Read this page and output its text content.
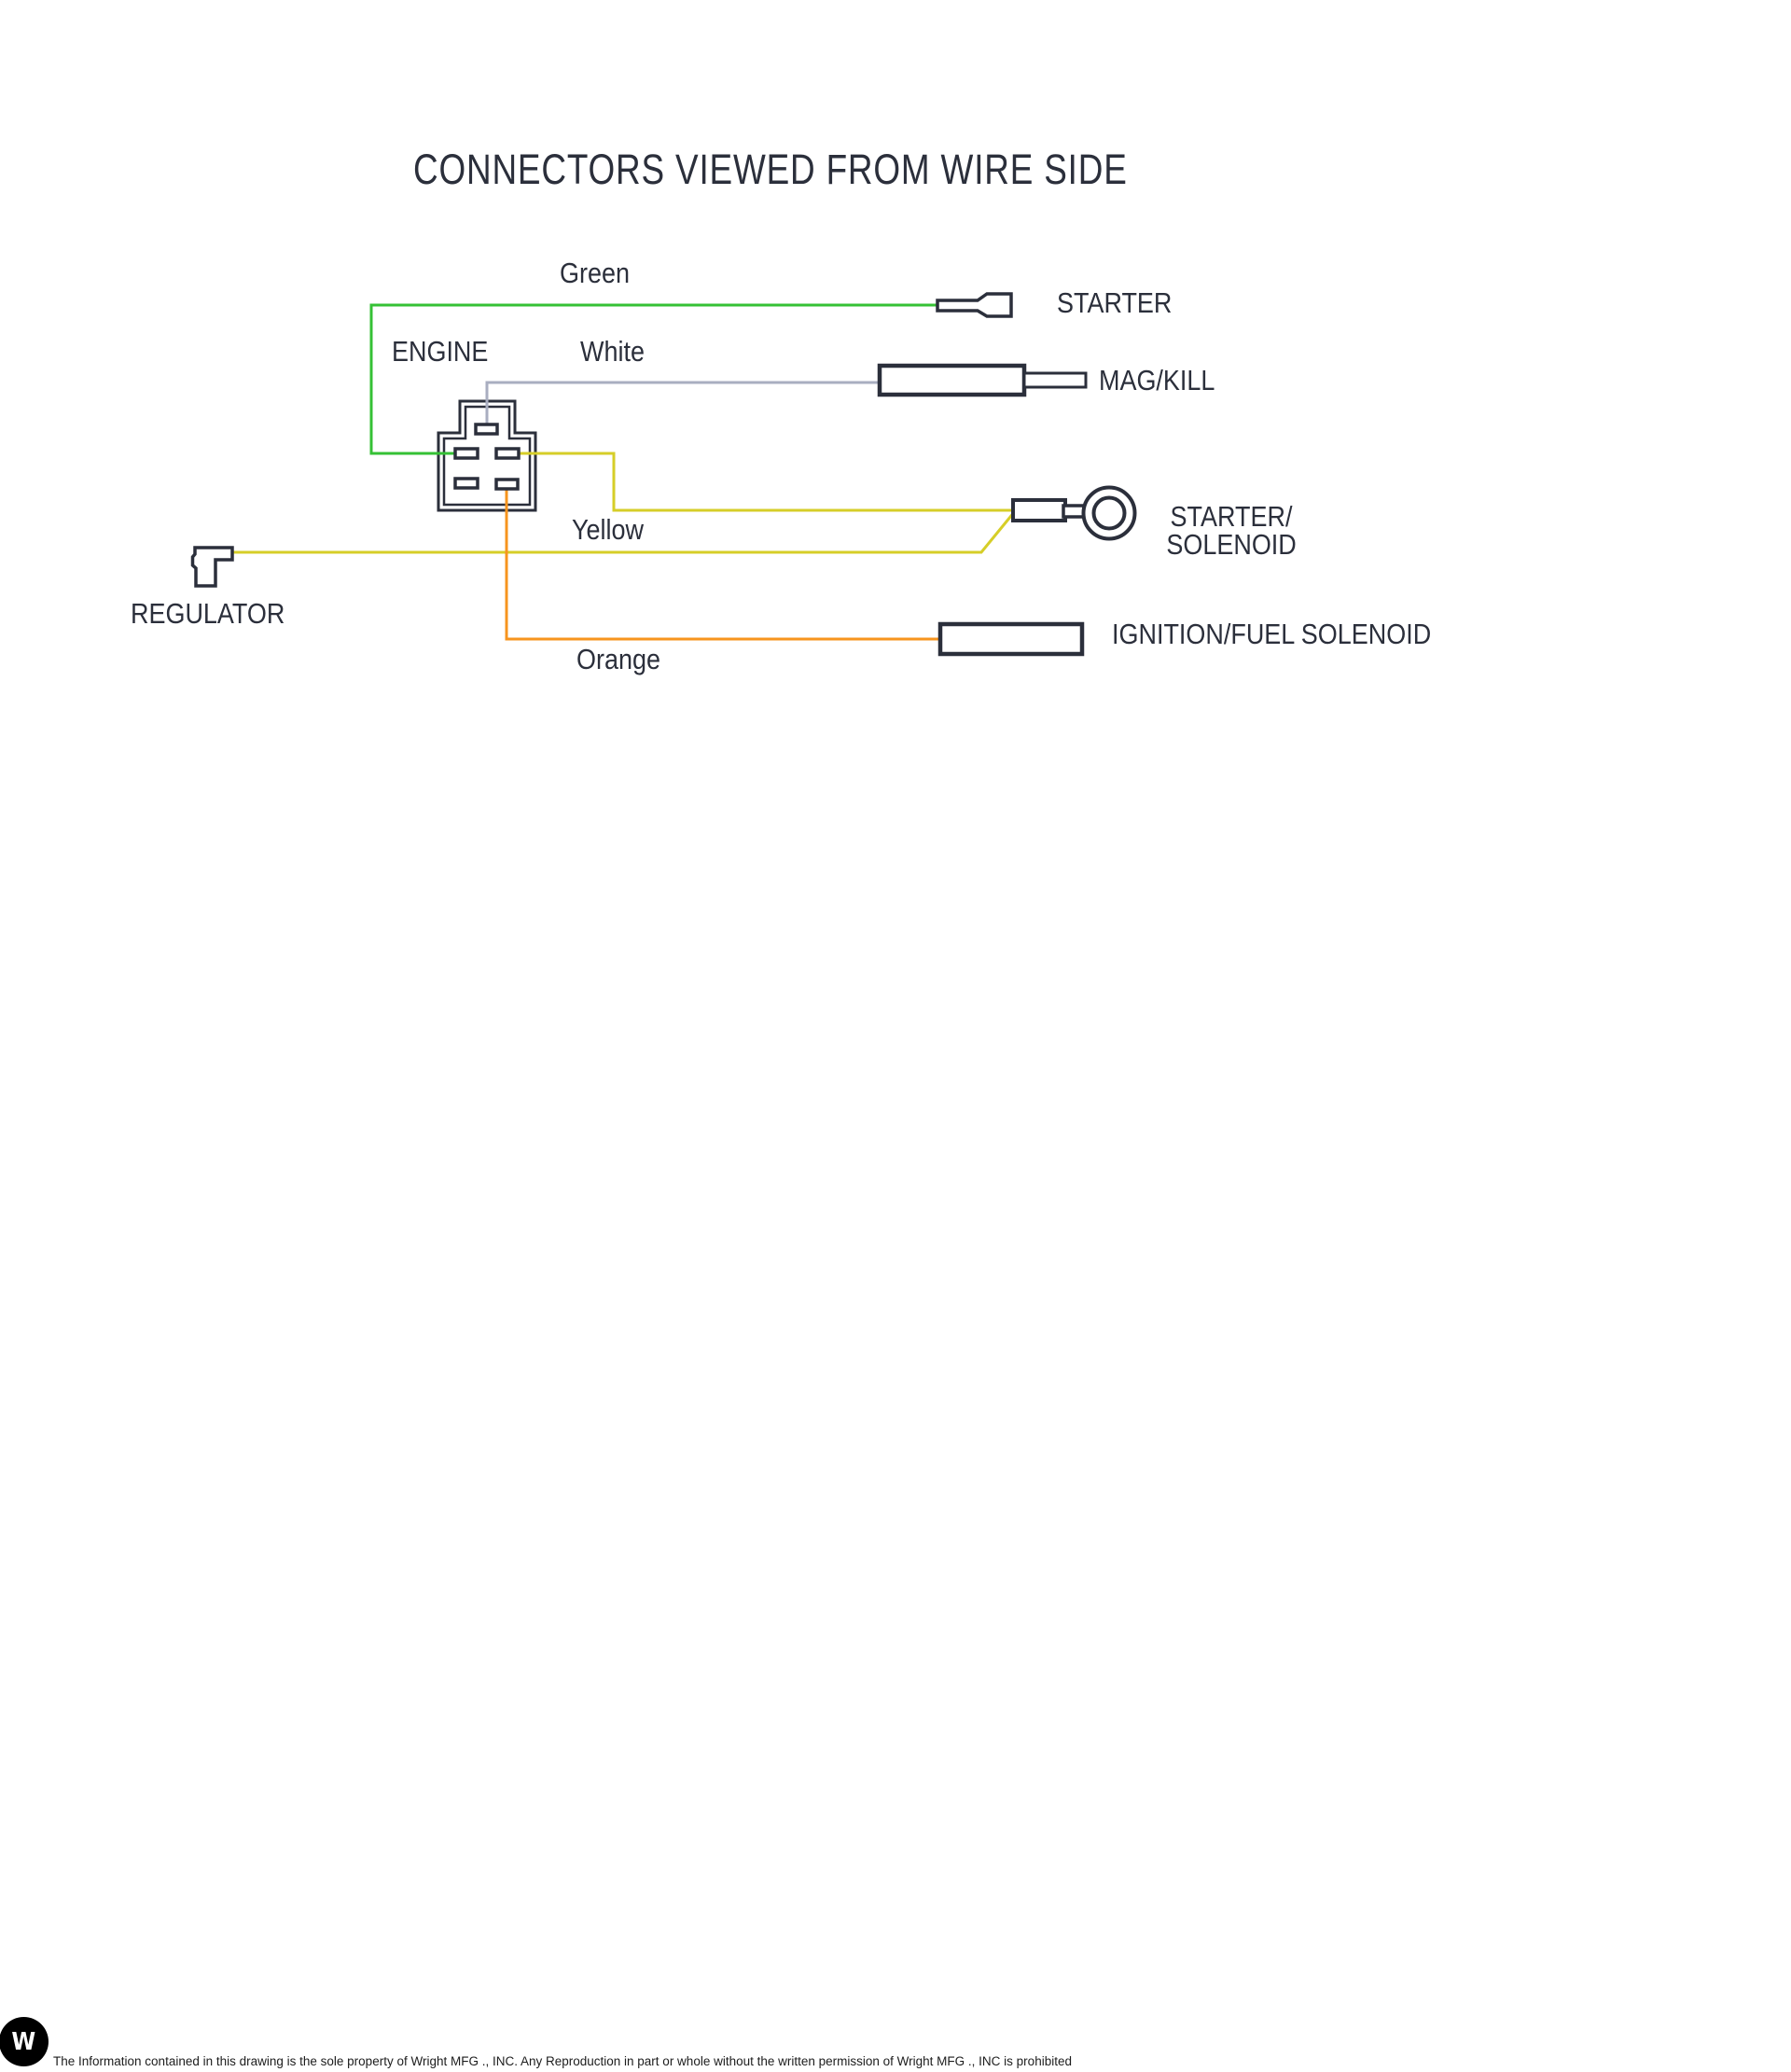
CONNECTORS VIEWED FROM WIRE SIDE
Green
ENGINE	White
STARTER
MAG/KILL
Yellow	STARTER/
SOLENOID
REGULATOR
Orange
IGNITION/FUEL SOLENOID
W
The Information contained in this drawing is the sole property of Wright MFG ., INC. Any Reproduction in part or whole without the written permission of Wright MFG ., INC is prohibited
